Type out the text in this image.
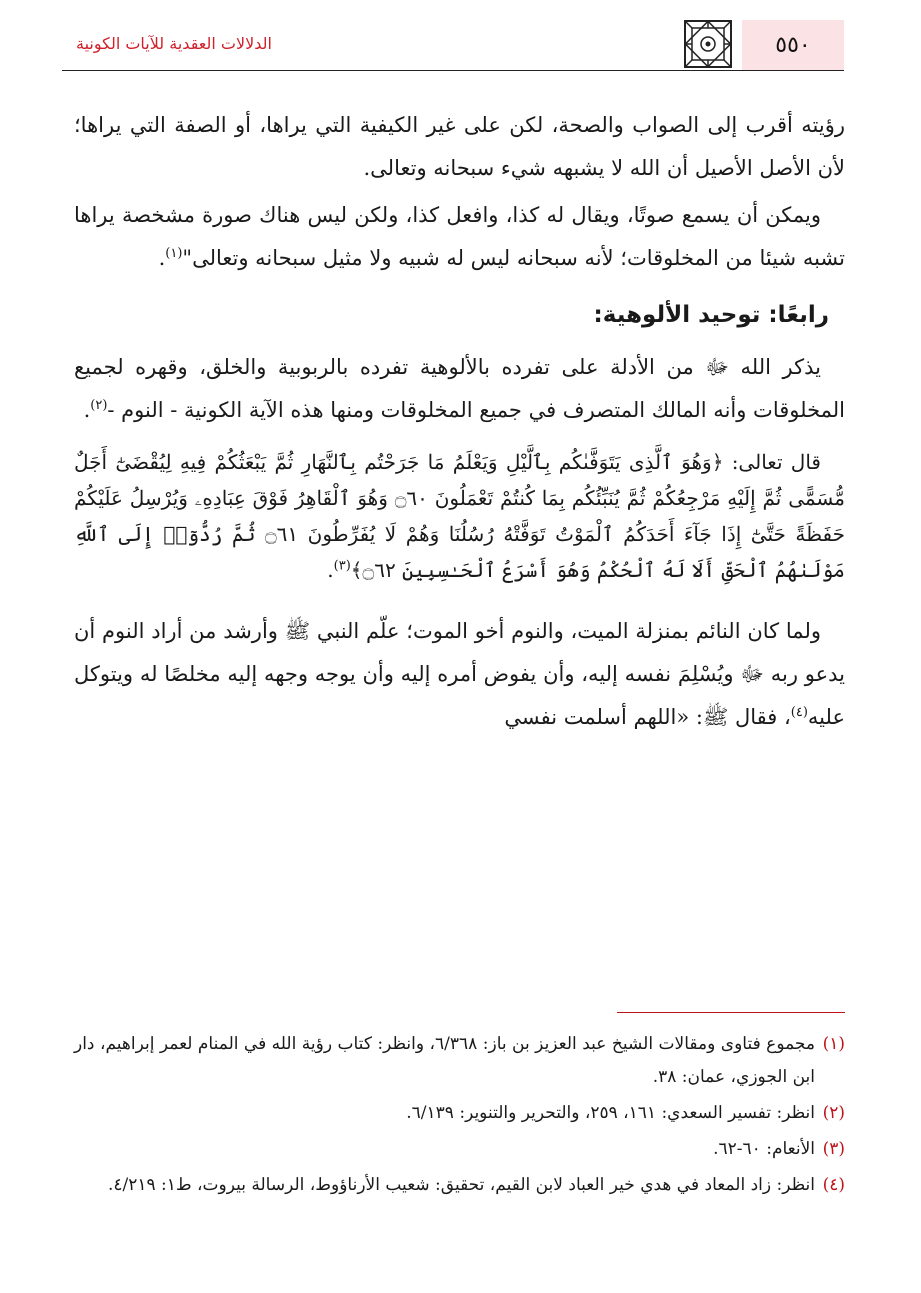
٥٥٠
الدلالات العقدية للآيات الكونية

رؤيته أقرب إلى الصواب والصحة، لكن على غير الكيفية التي يراها، أو الصفة التي يراها؛ لأن الأصل الأصيل أن الله لا يشبهه شيء سبحانه وتعالى.

ويمكن أن يسمع صوتًا، ويقال له كذا، وافعل كذا، ولكن ليس هناك صورة مشخصة يراها تشبه شيئا من المخلوقات؛ لأنه سبحانه ليس له شبيه ولا مثيل سبحانه وتعالى"$^{(١)}$.

رابعًا: توحيد الألوهية:

يذكر الله ﷻ من الأدلة على تفرده بالألوهية تفرده بالربوبية والخلق، وقهره لجميع المخلوقات وأنه المالك المتصرف في جميع المخلوقات ومنها هذه الآية الكونية - النوم -$^{(٢)}$.

قال تعالى: ﴿وَهُوَ ٱلَّذِى يَتَوَفَّىٰكُم بِٱلَّيْلِ وَيَعْلَمُ مَا جَرَحْتُم بِٱلنَّهَارِ ثُمَّ يَبْعَثُكُمْ فِيهِ لِيُقْضَىٰٓ أَجَلٌ مُّسَمًّى ثُمَّ إِلَيْهِ مَرْجِعُكُمْ ثُمَّ يُنَبِّئُكُم بِمَا كُنتُمْ تَعْمَلُونَ ۝٦٠ وَهُوَ ٱلْقَاهِرُ فَوْقَ عِبَادِهِۦ وَيُرْسِلُ عَلَيْكُمْ حَفَظَةً حَتَّىٰٓ إِذَا جَآءَ أَحَدَكُمُ ٱلْمَوْتُ تَوَفَّتْهُ رُسُلُنَا وَهُمْ لَا يُفَرِّطُونَ ۝٦١ ثُمَّ رُدُّوٓا۟ إِلَى ٱللَّهِ مَوْلَىٰهُمُ ٱلْحَقِّ أَلَا لَهُ ٱلْحُكْمُ وَهُوَ أَسْرَعُ ٱلْحَـٰسِبِينَ ۝٦٢﴾$^{(٣)}$.

ولما كان النائم بمنزلة الميت، والنوم أخو الموت؛ علّم النبي ﷺ وأرشد من أراد النوم أن يدعو ربه ﷻ ويُسْلِمَ نفسه إليه، وأن يفوض أمره إليه وأن يوجه وجهه إليه مخلصًا له ويتوكل عليه$^{(٤)}$، فقال ﷺ: «اللهم أسلمت نفسي

(١)
مجموع فتاوى ومقالات الشيخ عبد العزيز بن باز: ٦/٣٦٨، وانظر: كتاب رؤية الله في المنام لعمر إبراهيم، دار ابن الجوزي، عمان: ٣٨.

(٢)
انظر: تفسير السعدي: ١٦١، ٢٥٩، والتحرير والتنوير: ٦/١٣٩.

(٣)
الأنعام: ٦٠-٦٢.

(٤)
انظر: زاد المعاد في هدي خير العباد لابن القيم، تحقيق: شعيب الأرناؤوط، الرسالة بيروت، ط١: ٤/٢١٩.
